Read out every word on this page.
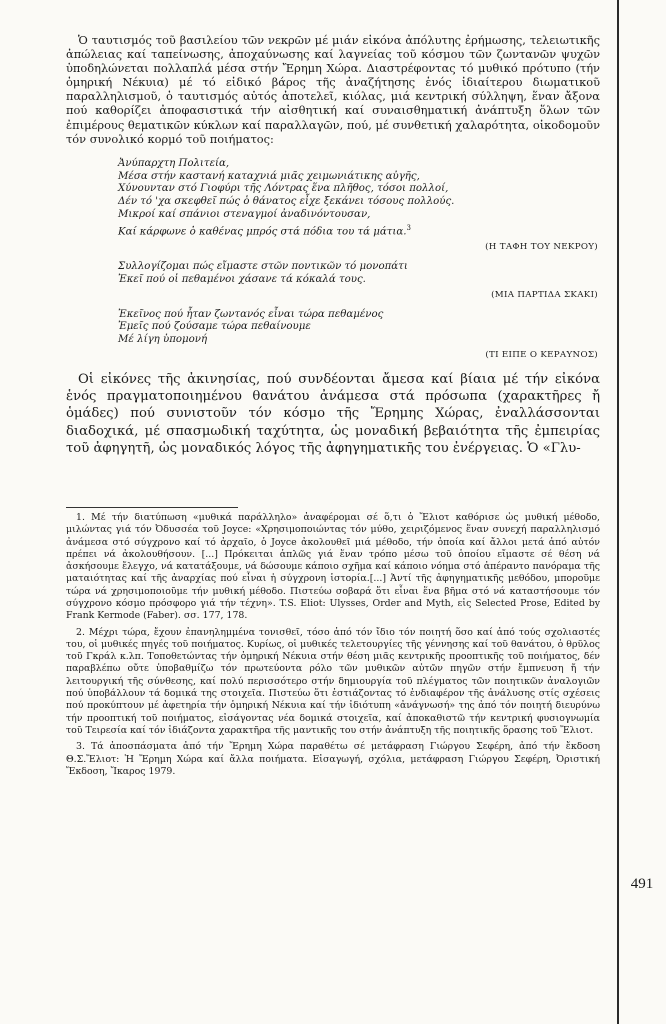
Ὁ ταυτισμός τοῦ βασιλείου τῶν νεκρῶν μέ μιάν εἰκόνα ἀπόλυτης ἐρήμωσης, τελειωτικῆς ἀπώλειας καί ταπείνωσης, ἀποχαύνωσης καί λαγνείας τοῦ κόσμου τῶν ζωντανῶν ψυχῶν ὑποδηλώνεται πολλαπλά μέσα στήν Ἔρημη Χώρα. Διαστρέφοντας τό μυθικό πρότυπο (τήν ὁμηρική Νέκυια) μέ τό εἰδικό βάρος τῆς ἀναζήτησης ἑνός ἰδιαίτερου διωματικοῦ παραλληλισμοῦ, ὁ ταυτισμός αὐτός ἀποτελεῖ, κιόλας, μιά κεντρική σύλληψη, ἕναν ἄξονα πού καθορίζει ἀποφασιστικά τήν αἰσθητική καί συναισθηματική ἀνάπτυξη ὅλων τῶν ἐπιμέρους θεματικῶν κύκλων καί παραλλαγῶν, πού, μέ συνθετική χαλαρότητα, οἰκοδομοῦν τόν συνολικό κορμό τοῦ ποιήματος:

Ἀνύπαρχτη Πολιτεία,
Μέσα στήν καστανή καταχνιά μιᾶς χειμωνιάτικης αὐγῆς,
Χύνουνταν στό Γιοφύρι τῆς Λόντρας ἕνα πλῆθος, τόσοι πολλοί,
Δέν τό 'χα σκεφθεῖ πώς ὁ θάνατος εἶχε ξεκάνει τόσους πολλούς.
Μικροί καί σπάνιοι στεναγμοί ἀναδινόντουσαν,
Καί κάρφωνε ὁ καθένας μπρός στά πόδια του τά μάτια.$^3$
(Η ΤΑΦΗ ΤΟΥ ΝΕΚΡΟΥ)
Συλλογίζομαι πώς εἴμαστε στῶν ποντικῶν τό μονοπάτι
Ἐκεῖ πού οἱ πεθαμένοι χάσανε τά κόκαλά τους.
(ΜΙΑ ΠΑΡΤΙΔΑ ΣΚΑΚΙ)
Ἐκεῖνος πού ἦταν ζωντανός εἶναι τώρα πεθαμένος
Ἐμεῖς πού ζούσαμε τώρα πεθαίνουμε
Μέ λίγη ὑπομονή
(ΤΙ ΕΙΠΕ Ο ΚΕΡΑΥΝΟΣ)

Οἱ εἰκόνες τῆς ἀκινησίας, πού συνδέονται ἄμεσα καί βίαια μέ τήν εἰκόνα ἑνός πραγματοποιημένου θανάτου ἀνάμεσα στά πρόσωπα (χαρακτῆρες ἤ ὁμάδες) πού συνιστοῦν τόν κόσμο τῆς Ἔρημης Χώρας, ἐναλλάσσονται διαδοχικά, μέ σπασμωδική ταχύτητα, ὡς μοναδική βεβαιότητα τῆς ἐμπειρίας τοῦ ἀφηγητῆ, ὡς μοναδικός λόγος τῆς ἀφηγηματικῆς του ἐνέργειας. Ὁ «Γλυ-

1. Μέ τήν διατύπωση «μυθικά παράλληλο» ἀναφέρομαι σέ ὅ,τι ὁ Ἔλιοτ καθόρισε ὡς μυθική μέθοδο, μιλώντας γιά τόν Ὀδυσσέα τοῦ Joyce: «Χρησιμοποιώντας τόν μύθο, χειριζόμενος ἕναν συνεχή παραλληλισμό ἀνάμεσα στό σύγχρονο καί τό ἀρχαῖο, ὁ Joyce ἀκολουθεῖ μιά μέθοδο, τήν ὁποία καί ἄλλοι μετά ἀπό αὐτόν πρέπει νά ἀκολουθήσουν. [...] Πρόκειται ἁπλῶς γιά ἕναν τρόπο μέσω τοῦ ὁποίου εἴμαστε σέ θέση νά ἀσκήσουμε ἔλεγχο, νά κατατάξουμε, νά δώσουμε κάποιο σχῆμα καί κάποιο νόημα στό ἀπέραντο πανόραμα τῆς ματαιότητας καί τῆς ἀναρχίας πού εἶναι ἡ σύγχρονη ἱστορία.[...] Ἀντί τῆς ἀφηγηματικῆς μεθόδου, μποροῦμε τώρα νά χρησιμοποιοῦμε τήν μυθική μέθοδο. Πιστεύω σοβαρά ὅτι εἶναι ἕνα βῆμα στό νά καταστήσουμε τόν σύγχρονο κόσμο πρόσφορο γιά τήν τέχνη». T.S. Eliot: Ulysses, Order and Myth, εἰς Selected Prose, Edited by Frank Kermode (Faber). σσ. 177, 178.

2. Μέχρι τώρα, ἔχουν ἐπανηλημμένα τονισθεῖ, τόσο ἀπό τόν ἴδιο τόν ποιητή ὅσο καί ἀπό τούς σχολιαστές του, οἱ μυθικές πηγές τοῦ ποιήματος. Κυρίως, οἱ μυθικές τελετουργίες τῆς γέννησης καί τοῦ θανάτου, ὁ θρῦλος τοῦ Γκράλ κ.λπ. Τοποθετώντας τήν ὁμηρική Νέκυια στήν θέση μιᾶς κεντρικῆς προοπτικῆς τοῦ ποιήματος, δέν παραβλέπω οὔτε ὑποβαθμίζω τόν πρωτεύοντα ρόλο τῶν μυθικῶν αὐτῶν πηγῶν στήν ἔμπνευση ἤ τήν λειτουργική τῆς σύνθεσης, καί πολύ περισσότερο στήν δημιουργία τοῦ πλέγματος τῶν ποιητικῶν ἀναλογιῶν πού ὑποβάλλουν τά δομικά της στοιχεῖα. Πιστεύω ὅτι ἑστιάζοντας τό ἐνδιαφέρον τῆς ἀνάλυσης στίς σχέσεις πού προκύπτουν μέ ἀφετηρία τήν ὁμηρική Νέκυια καί τήν ἰδιότυπη «ἀνάγνωσή» της ἀπό τόν ποιητή διευρύνω τήν προοπτική τοῦ ποιήματος, εἰσάγοντας νέα δομικά στοιχεῖα, καί ἀποκαθιστῶ τήν κεντρική φυσιογνωμία τοῦ Τειρεσία καί τόν ἰδιάζοντα χαρακτῆρα τῆς μαντικῆς του στήν ἀνάπτυξη τῆς ποιητικῆς ὅρασης τοῦ Ἔλιοτ.

3. Τά ἀποσπάσματα ἀπό τήν Ἔρημη Χώρα παραθέτω σέ μετάφραση Γιώργου Σεφέρη, ἀπό τήν ἔκδοση Θ.Σ.Ἔλιοτ: Ἡ Ἔρημη Χώρα καί ἄλλα ποιήματα. Εἰσαγωγή, σχόλια, μετάφραση Γιώργου Σεφέρη, Ὀριστική Ἔκδοση, Ἴκαρος 1979.

491
